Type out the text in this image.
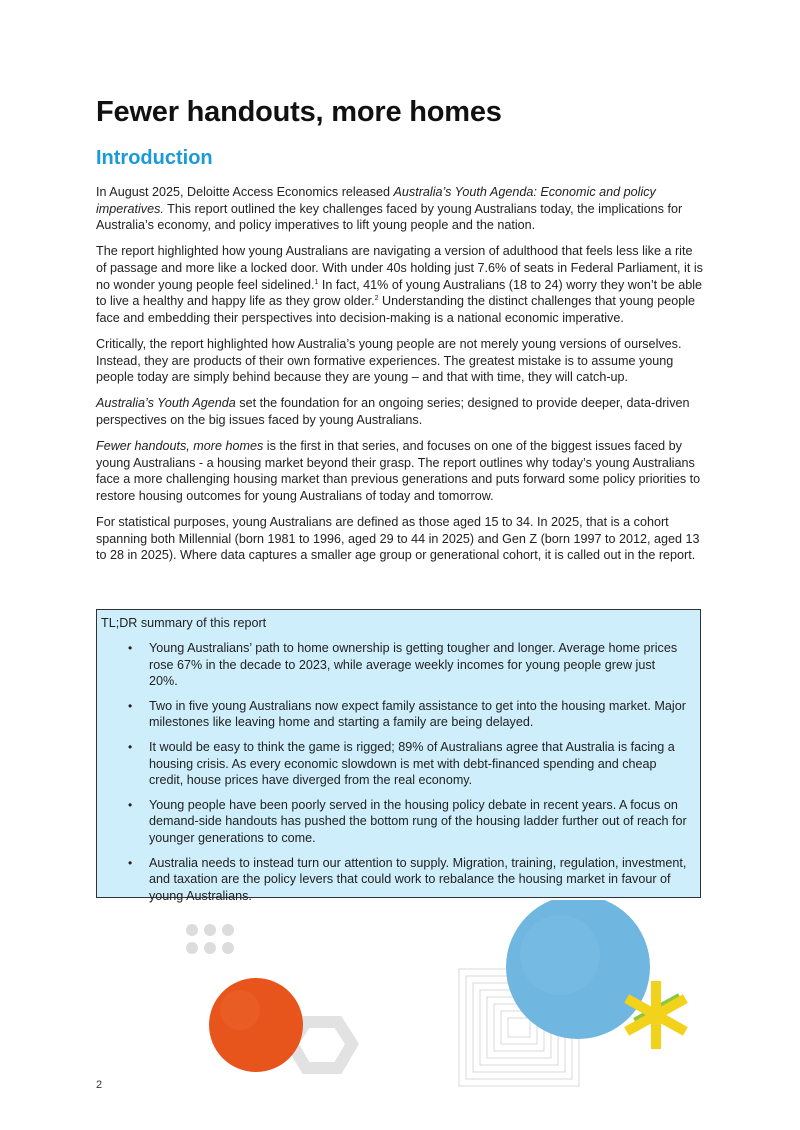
Fewer handouts, more homes
Introduction

In August 2025, Deloitte Access Economics released Australia’s Youth Agenda: Economic and policy imperatives. This report outlined the key challenges faced by young Australians today, the implications for Australia’s economy, and policy imperatives to lift young people and the nation.

The report highlighted how young Australians are navigating a version of adulthood that feels less like a rite of passage and more like a locked door. With under 40s holding just 7.6% of seats in Federal Parliament, it is no wonder young people feel sidelined.$^1$ In fact, 41% of young Australians (18 to 24) worry they won’t be able to live a healthy and happy life as they grow older.$^2$ Understanding the distinct challenges that young people face and embedding their perspectives into decision-making is a national economic imperative.

Critically, the report highlighted how Australia’s young people are not merely young versions of ourselves. Instead, they are products of their own formative experiences. The greatest mistake is to assume young people today are simply behind because they are young – and that with time, they will catch-up.

Australia’s Youth Agenda set the foundation for an ongoing series; designed to provide deeper, data-driven perspectives on the big issues faced by young Australians.

Fewer handouts, more homes is the first in that series, and focuses on one of the biggest issues faced by young Australians - a housing market beyond their grasp. The report outlines why today’s young Australians face a more challenging housing market than previous generations and puts forward some policy priorities to restore housing outcomes for young Australians of today and tomorrow.

For statistical purposes, young Australians are defined as those aged 15 to 34. In 2025, that is a cohort spanning both Millennial (born 1981 to 1996, aged 29 to 44 in 2025) and Gen Z (born 1997 to 2012, aged 13 to 28 in 2025). Where data captures a smaller age group or generational cohort, it is called out in the report.

TL;DR summary of this report
• Young Australians’ path to home ownership is getting tougher and longer. Average home prices rose 67% in the decade to 2023, while average weekly incomes for young people grew just 20%.
• Two in five young Australians now expect family assistance to get into the housing market. Major milestones like leaving home and starting a family are being delayed.
• It would be easy to think the game is rigged; 89% of Australians agree that Australia is facing a housing crisis. As every economic slowdown is met with debt-financed spending and cheap credit, house prices have diverged from the real economy.
• Young people have been poorly served in the housing policy debate in recent years. A focus on demand-side handouts has pushed the bottom rung of the housing ladder further out of reach for younger generations to come.
• Australia needs to instead turn our attention to supply. Migration, training, regulation, investment, and taxation are the policy levers that could work to rebalance the housing market in favour of young Australians.
2
